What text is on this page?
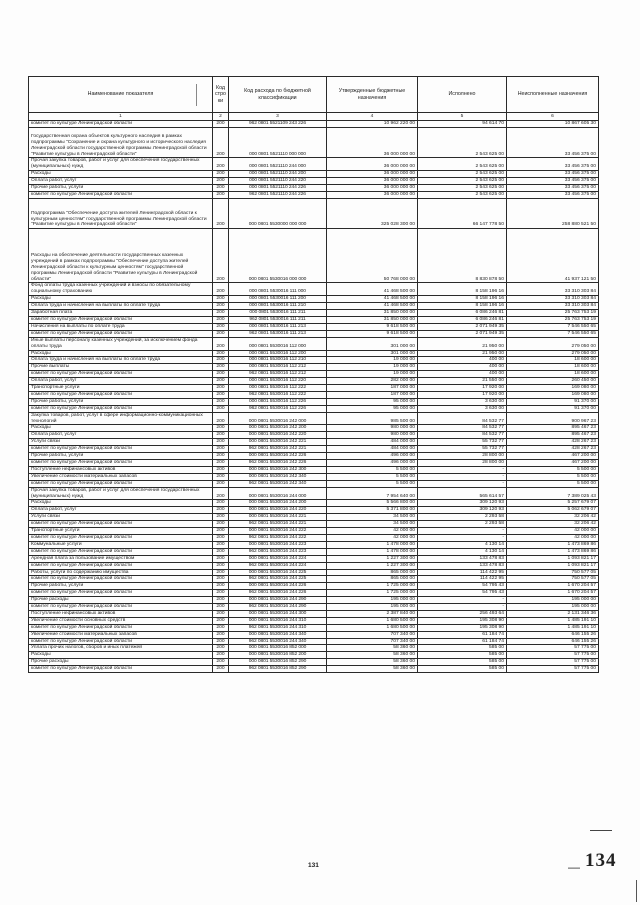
Наименование показателя	Код стро ки	Код расхода по бюджетной классификации	Утвержденные бюджетные назначения	Исполнено	Неисполненные назначения
1	2	3	4	5	6
комитет по культуре Ленинградской области	200	962 0801 5521109 243 226	10 962 220 00	94 614 70	10 867 605 30
Государственная охрана объектов культурного наследия в рамках подпрограммы "Сохранение и охрана культурного и исторического наследия Ленинградской области государственной программы Ленинградской области "Развитие культуры в Ленинградской области"	200	000 0801 5521110 000 000	36 000 000 00	2 543 625 00	33 456 375 00
Прочая закупка товаров, работ и услуг для обеспечения государственных (муниципальных) нужд	200	000 0801 5521110 244 000	36 000 000 00	2 543 625 00	33 456 375 00
Расходы	200	000 0801 5521110 244 200	36 000 000 00	2 543 625 00	33 456 375 00
Оплата работ, услуг	200	000 0801 5521110 244 220	36 000 000 00	2 543 625 00	33 456 375 00
Прочие работы, услуги	200	000 0801 5521110 244 226	36 000 000 00	2 543 625 00	33 456 375 00
комитет по культуре Ленинградской области	200	962 0801 5521110 244 226	36 000 000 00	2 543 625 00	33 456 375 00
Подпрограмма "Обеспечение доступа жителей Ленинградской области к культурным ценностям" государственной программы Ленинградской области "Развитие культуры в Ленинградской области"	200	000 0801 5530000 000 000	325 028 300 00	66 147 778 50	258 880 521 50
Расходы на обеспечение деятельности государственных казенных учреждений в рамках подпрограммы "Обеспечение доступа жителей Ленинградской области к культурным ценностям" государственной программы Ленинградской области "Развитие культуры в Ленинградской области"	200	000 0801 5530016 000 000	50 768 000 00	8 830 878 50	41 937 121 50
Фонд оплаты труда казенных учреждений и взносы по обязательному социальному страхованию	200	000 0801 5530016 111 000	41 468 500 00	8 158 196 16	33 310 303 84
Расходы	200	000 0801 5530016 111 200	41 468 500 00	8 158 196 16	33 310 303 84
Оплата труда и начисления на выплаты по оплате труда	200	000 0801 5530016 111 210	41 468 500 00	8 158 196 16	33 310 303 84
Заработная плата	200	000 0801 5530016 111 211	31 850 000 00	6 086 246 81	25 763 753 19
комитет по культуре Ленинградской области	200	962 0801 5530016 111 211	31 850 000 00	6 086 246 81	25 763 753 19
Начисления на выплаты по оплате труда	200	000 0801 5530016 111 213	9 618 500 00	2 071 949 35	7 546 550 65
комитет по культуре Ленинградской области	200	962 0801 5530016 111 213	9 618 500 00	2 071 949 35	7 546 550 65
Иные выплаты персоналу казенных учреждений, за исключением фонда оплаты труда	200	000 0801 5530016 112 000	301 000 00	21 950 00	279 050 00
Расходы	200	000 0801 5530016 112 200	301 000 00	21 950 00	279 050 00
Оплата труда и начисления на выплаты по оплате труда	200	000 0801 5530016 112 210	19 000 00	400 00	18 600 00
Прочие выплаты	200	000 0801 5530016 112 212	19 000 00	400 00	18 600 00
комитет по культуре Ленинградской области	200	962 0801 5530016 112 212	19 000 00	400 00	18 600 00
Оплата работ, услуг	200	000 0801 5530016 112 220	282 000 00	21 550 00	260 450 00
Транспортные услуги	200	000 0801 5530016 112 222	187 000 00	17 920 00	169 080 00
комитет по культуре Ленинградской области	200	962 0801 5530016 112 222	187 000 00	17 920 00	169 080 00
Прочие работы, услуги	200	000 0801 5530016 112 226	95 000 00	3 630 00	91 370 00
комитет по культуре Ленинградской области	200	962 0801 5530016 112 226	95 000 00	3 630 00	91 370 00
Закупка товаров, работ, услуг в сфере информационно-коммуникационных технологий	200	000 0801 5530016 242 000	985 500 00	84 532 77	900 967 23
Расходы	200	000 0801 5530016 242 200	980 000 00	84 532 77	895 467 23
Оплата работ, услуг	200	000 0801 5530016 242 220	980 000 00	84 532 77	895 467 23
Услуги связи	200	000 0801 5530016 242 221	484 000 00	55 732 77	428 267 23
комитет по культуре Ленинградской области	200	962 0801 5530016 242 221	484 000 00	55 732 77	428 267 23
Прочие работы, услуги	200	000 0801 5530016 242 226	496 000 00	28 800 00	467 200 00
комитет по культуре Ленинградской области	200	962 0801 5530016 242 226	496 000 00	28 800 00	467 200 00
Поступление нефинансовых активов	200	000 0801 5530016 242 300	5 500 00	-	5 500 00
Увеличение стоимости материальных запасов	200	000 0801 5530016 242 340	5 500 00	-	5 500 00
комитет по культуре Ленинградской области	200	962 0801 5530016 242 340	5 500 00	-	5 500 00
Прочая закупка товаров, работ и услуг для обеспечения государственных (муниципальных) нужд	200	000 0801 5530016 244 000	7 954 640 00	565 614 57	7 389 025 43
Расходы	200	000 0801 5530016 244 200	5 566 800 00	309 120 93	5 257 679 07
Оплата работ, услуг	200	000 0801 5530016 244 220	5 371 800 00	309 120 93	5 062 679 07
Услуги связи	200	000 0801 5530016 244 221	34 500 00	2 293 58	32 206 42
комитет по культуре Ленинградской области	200	962 0801 5530016 244 221	34 500 00	2 293 58	32 206 42
Транспортные услуги	200	000 0801 5530016 244 222	42 000 00	-	42 000 00
комитет по культуре Ленинградской области	200	962 0801 5530016 244 222	42 000 00	-	42 000 00
Коммунальные услуги	200	000 0801 5530016 244 223	1 478 000 00	4 130 14	1 473 869 86
комитет по культуре Ленинградской области	200	962 0801 5530016 244 223	1 478 000 00	4 130 14	1 473 869 86
Арендная плата за пользование имуществом	200	000 0801 5530016 244 224	1 227 300 00	133 478 83	1 093 821 17
комитет по культуре Ленинградской области	200	962 0801 5530016 244 224	1 227 300 00	133 478 83	1 093 821 17
Работы, услуги по содержанию имущества	200	000 0801 5530016 244 225	865 000 00	114 422 95	750 577 05
комитет по культуре Ленинградской области	200	962 0801 5530016 244 225	865 000 00	114 422 95	750 577 05
Прочие работы, услуги	200	000 0801 5530016 244 226	1 725 000 00	54 795 43	1 670 204 57
комитет по культуре Ленинградской области	200	962 0801 5530016 244 226	1 725 000 00	54 795 43	1 670 204 57
Прочие расходы	200	000 0801 5530016 244 290	195 000 00	-	195 000 00
комитет по культуре Ленинградской области	200	962 0801 5530016 244 290	195 000 00	-	195 000 00
Поступление нефинансовых активов	200	000 0801 5530016 244 300	2 387 840 00	256 493 64	2 131 346 36
Увеличение стоимости основных средств	200	000 0801 5530016 244 310	1 680 500 00	195 308 90	1 485 191 10
комитет по культуре Ленинградской области	200	962 0801 5530016 244 310	1 680 500 00	195 308 90	1 485 191 10
Увеличение стоимости материальных запасов	200	000 0801 5530016 244 340	707 340 00	61 184 74	646 155 26
комитет по культуре Ленинградской области	200	962 0801 5530016 244 340	707 340 00	61 184 74	646 155 26
Уплата прочих налогов, сборов и иных платежей	200	000 0801 5530016 852 000	58 360 00	585 00	57 775 00
Расходы	200	000 0801 5530016 852 200	58 360 00	585 00	57 775 00
Прочие расходы	200	000 0801 5530016 852 290	58 360 00	585 00	57 775 00
комитет по культуре Ленинградской области	200	962 0801 5530016 852 290	58 360 00	585 00	57 775 00
—
131	134
